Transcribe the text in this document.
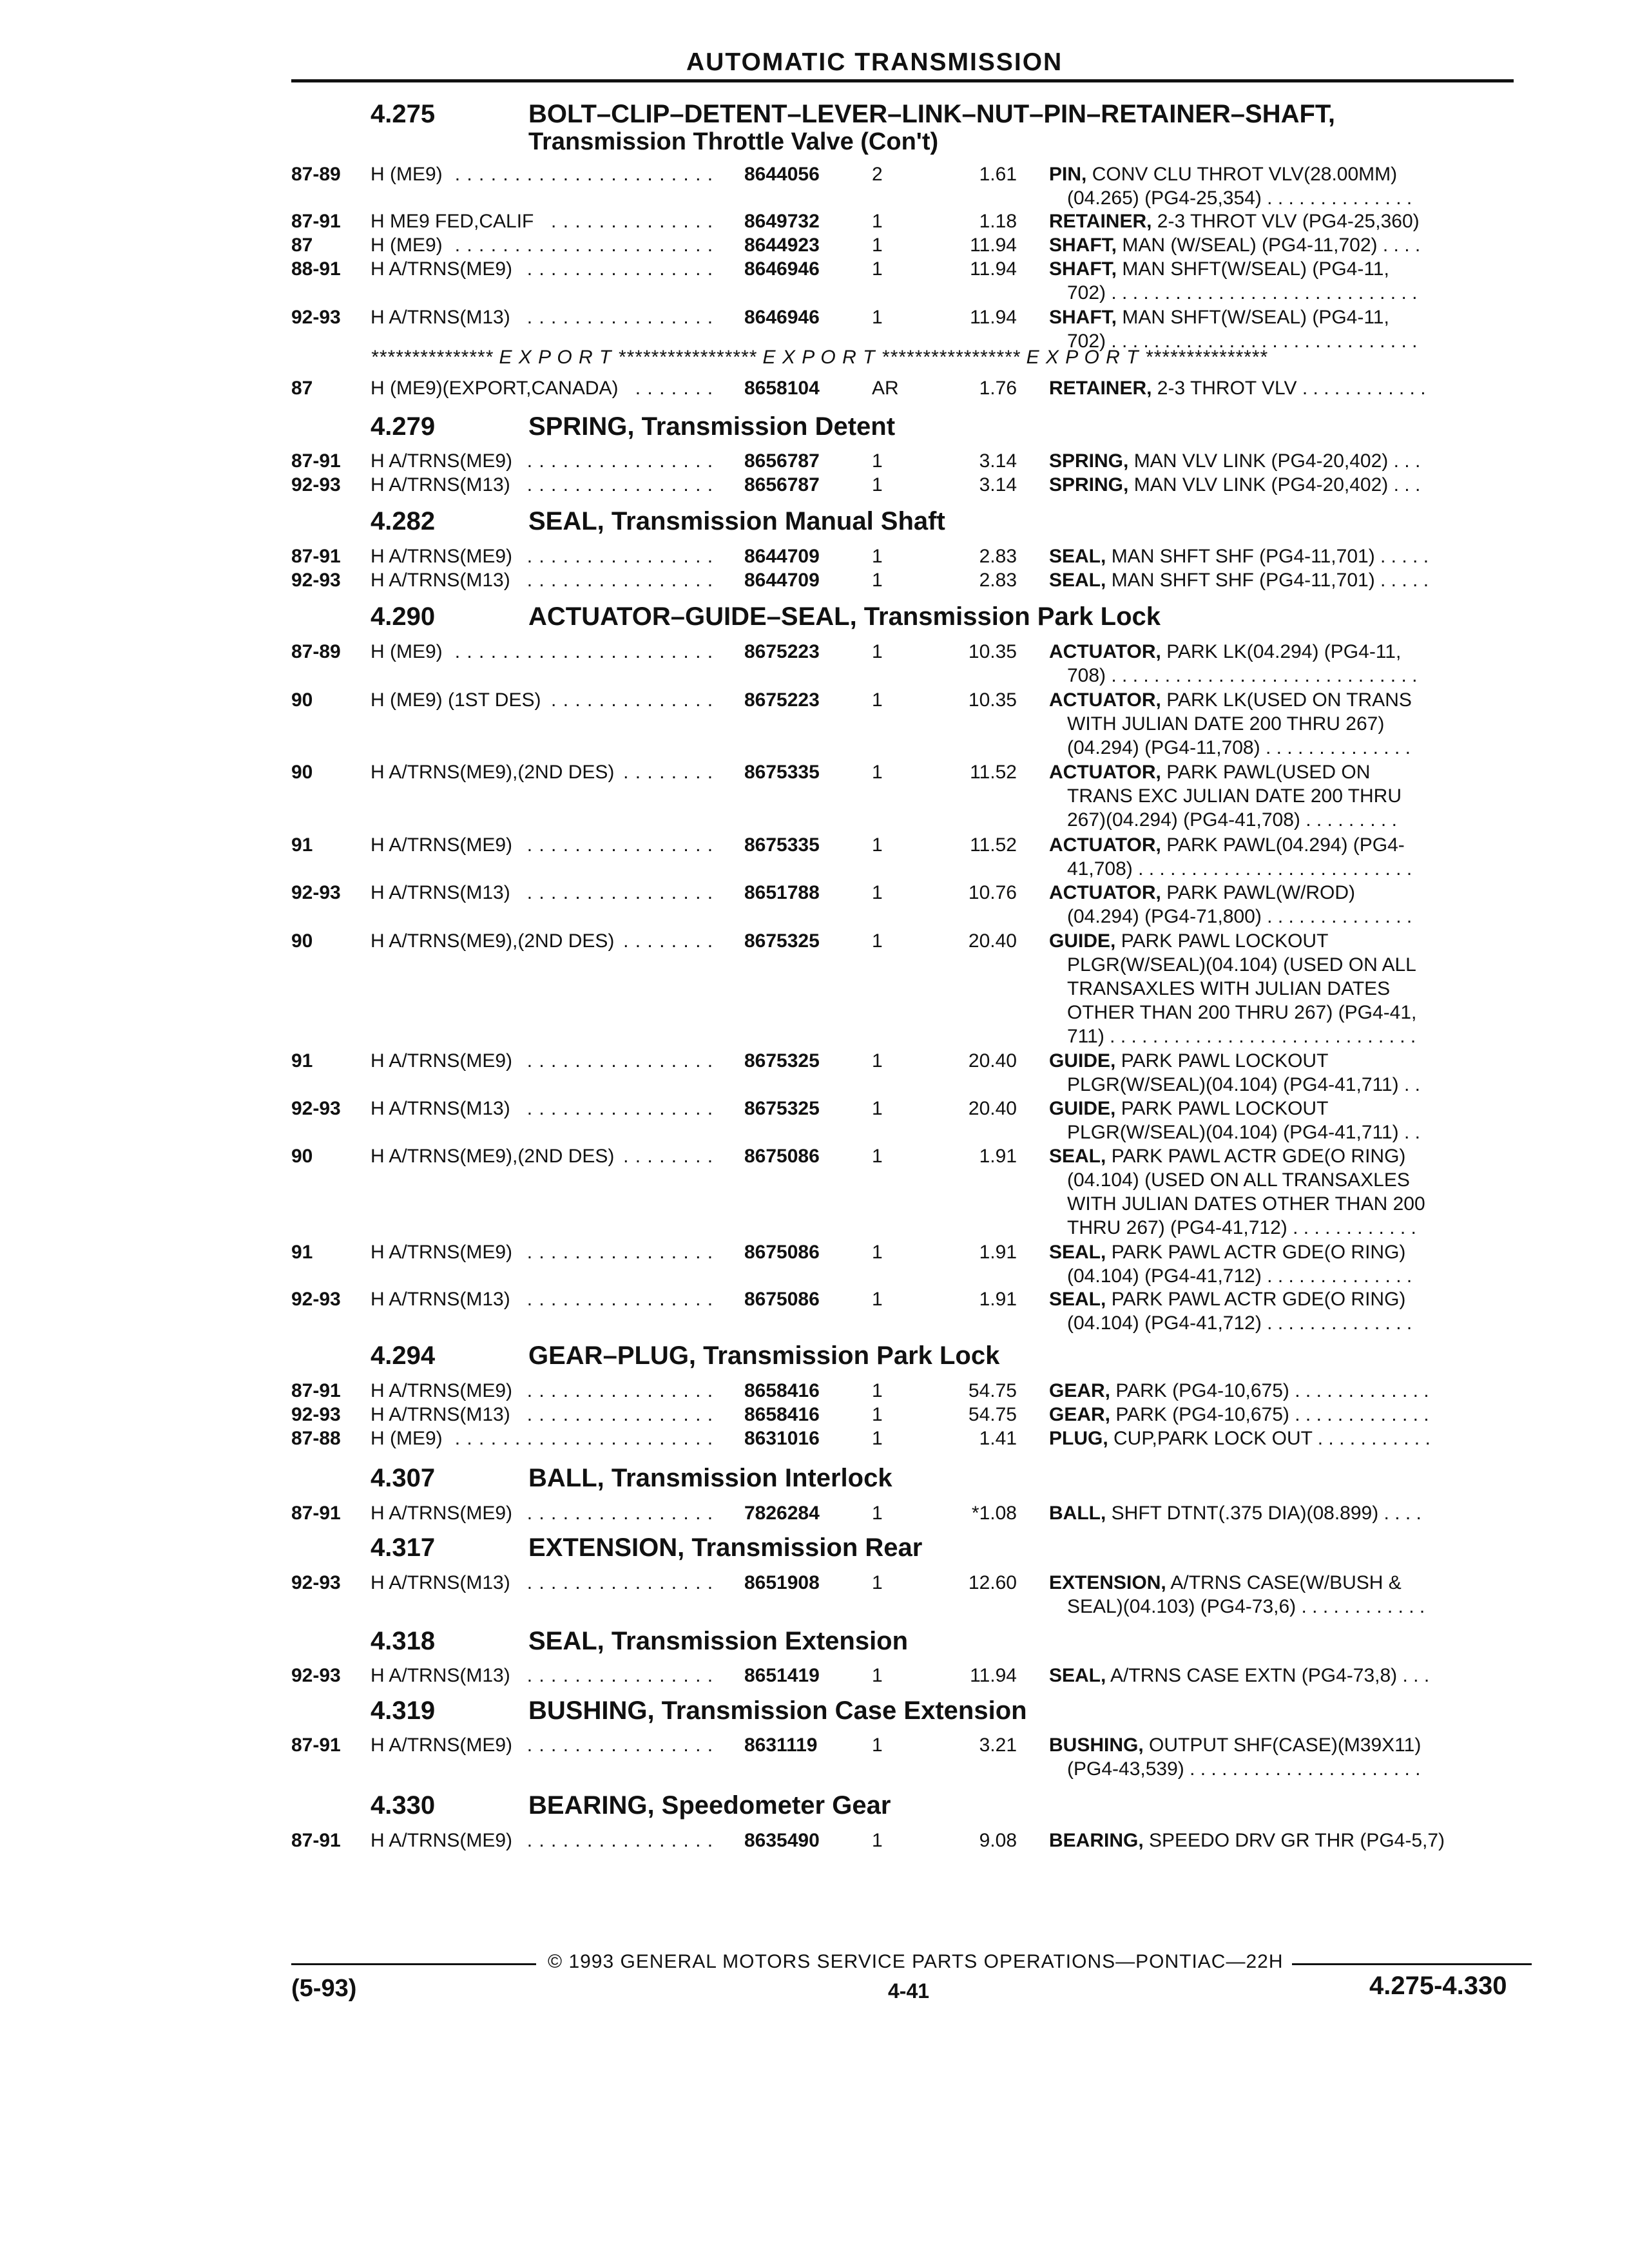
AUTOMATIC TRANSMISSION
4.275	BOLT–CLIP–DETENT–LEVER–LINK–NUT–PIN–RETAINER–SHAFT,
Transmission Throttle Valve (Con't)
4.279	SPRING, Transmission Detent
4.282	SEAL, Transmission Manual Shaft
4.290	ACTUATOR–GUIDE–SEAL, Transmission Park Lock
4.294	GEAR–PLUG, Transmission Park Lock
4.307	BALL, Transmission Interlock
4.317	EXTENSION, Transmission Rear
4.318	SEAL, Transmission Extension
4.319	BUSHING, Transmission Case Extension
4.330	BEARING, Speedometer Gear
*************** E X P O R T ***************** E X P O R T ***************** E X P O R T ***************
87-89 H (ME9) . . .	8644056	2	1.61 PIN, CONV CLU THROT VLV(28.00MM)
(04.265) (PG4-25,354) . . . . . . . . . . . . . .
87-91 H ME9 FED,CALIF . . .	8649732	1	1.18 RETAINER, 2-3 THROT VLV (PG4-25,360)
87	H (ME9) . . .	8644923	1	11.94 SHAFT, MAN (W/SEAL) (PG4-11,702) . . . .
88-91 H A/TRNS(ME9) . . .	8646946	1	11.94 SHAFT, MAN SHFT(W/SEAL) (PG4-11,
702) . . . . . . . . . . . . . . . . . . . . . . . . . . . . .
92-93 H A/TRNS(M13) . . .	8646946	1	11.94 SHAFT, MAN SHFT(W/SEAL) (PG4-11,
702) . . . . . . . . . . . . . . . . . . . . . . . . . . . . .
87	H (ME9)(EXPORT,CANADA) . . .	8658104	AR	1.76 RETAINER, 2-3 THROT VLV . . . . . . . . . . . .
87-91 H A/TRNS(ME9) . . .	8656787	1	3.14 SPRING, MAN VLV LINK (PG4-20,402) . . .
92-93 H A/TRNS(M13) . . .	8656787	1	3.14 SPRING, MAN VLV LINK (PG4-20,402) . . .
87-91 H A/TRNS(ME9) . . .	8644709	1	2.83 SEAL, MAN SHFT SHF (PG4-11,701) . . . . .
92-93 H A/TRNS(M13) . . .	8644709	1	2.83 SEAL, MAN SHFT SHF (PG4-11,701) . . . . .
87-89 H (ME9) . . .	8675223	1	10.35 ACTUATOR, PARK LK(04.294) (PG4-11,
708) . . . . . . . . . . . . . . . . . . . . . . . . . . . . .
90	H (ME9) (1ST DES) . . .	8675223	1	10.35 ACTUATOR, PARK LK(USED ON TRANS
WITH JULIAN DATE 200 THRU 267)
(04.294) (PG4-11,708) . . . . . . . . . . . . . .
90	H A/TRNS(ME9),(2ND DES) . . .	8675335	1	11.52 ACTUATOR, PARK PAWL(USED ON
TRANS EXC JULIAN DATE 200 THRU
267)(04.294) (PG4-41,708) . . . . . . . . .
91	H A/TRNS(ME9) . . .	8675335	1	11.52 ACTUATOR, PARK PAWL(04.294) (PG4-
41,708) . . . . . . . . . . . . . . . . . . . . . . . . . .
92-93 H A/TRNS(M13) . . .	8651788	1	10.76 ACTUATOR, PARK PAWL(W/ROD)
(04.294) (PG4-71,800) . . . . . . . . . . . . . .
90	H A/TRNS(ME9),(2ND DES) . . .	8675325	1	20.40 GUIDE, PARK PAWL LOCKOUT
PLGR(W/SEAL)(04.104) (USED ON ALL
TRANSAXLES WITH JULIAN DATES
OTHER THAN 200 THRU 267) (PG4-41,
711) . . . . . . . . . . . . . . . . . . . . . . . . . . . . .
91	H A/TRNS(ME9) . . .	8675325	1	20.40 GUIDE, PARK PAWL LOCKOUT
PLGR(W/SEAL)(04.104) (PG4-41,711) . .
92-93 H A/TRNS(M13) . . .	8675325	1	20.40 GUIDE, PARK PAWL LOCKOUT
PLGR(W/SEAL)(04.104) (PG4-41,711) . .
90	H A/TRNS(ME9),(2ND DES) . . .	8675086	1	1.91 SEAL, PARK PAWL ACTR GDE(O RING)
(04.104) (USED ON ALL TRANSAXLES
WITH JULIAN DATES OTHER THAN 200
THRU 267) (PG4-41,712) . . . . . . . . . . . .
91	H A/TRNS(ME9) . . .	8675086	1	1.91 SEAL, PARK PAWL ACTR GDE(O RING)
(04.104) (PG4-41,712) . . . . . . . . . . . . . .
92-93 H A/TRNS(M13) . . .	8675086	1	1.91 SEAL, PARK PAWL ACTR GDE(O RING)
(04.104) (PG4-41,712) . . . . . . . . . . . . . .
87-91 H A/TRNS(ME9) . . .	8658416	1	54.75 GEAR, PARK (PG4-10,675) . . . . . . . . . . . . .
92-93 H A/TRNS(M13) . . .	8658416	1	54.75 GEAR, PARK (PG4-10,675) . . . . . . . . . . . . .
87-88 H (ME9) . . .	8631016	1	1.41 PLUG, CUP,PARK LOCK OUT . . . . . . . . . . .
87-91 H A/TRNS(ME9) . . .	7826284	1	*1.08 BALL, SHFT DTNT(.375 DIA)(08.899) . . . .
92-93 H A/TRNS(M13) . . .	8651908	1	12.60 EXTENSION, A/TRNS CASE(W/BUSH &
SEAL)(04.103) (PG4-73,6) . . . . . . . . . . . .
92-93 H A/TRNS(M13) . . .	8651419	1	11.94 SEAL, A/TRNS CASE EXTN (PG4-73,8) . . .
87-91 H A/TRNS(ME9) . . .	8631119	1	3.21 BUSHING, OUTPUT SHF(CASE)(M39X11)
(PG4-43,539) . . . . . . . . . . . . . . . . . . . . . .
87-91 H A/TRNS(ME9) . . .	8635490	1	9.08 BEARING, SPEEDO DRV GR THR (PG4-5,7)
© 1993 GENERAL MOTORS SERVICE PARTS OPERATIONS—PONTIAC—22H
(5-93)	4-41	4.275-4.330
